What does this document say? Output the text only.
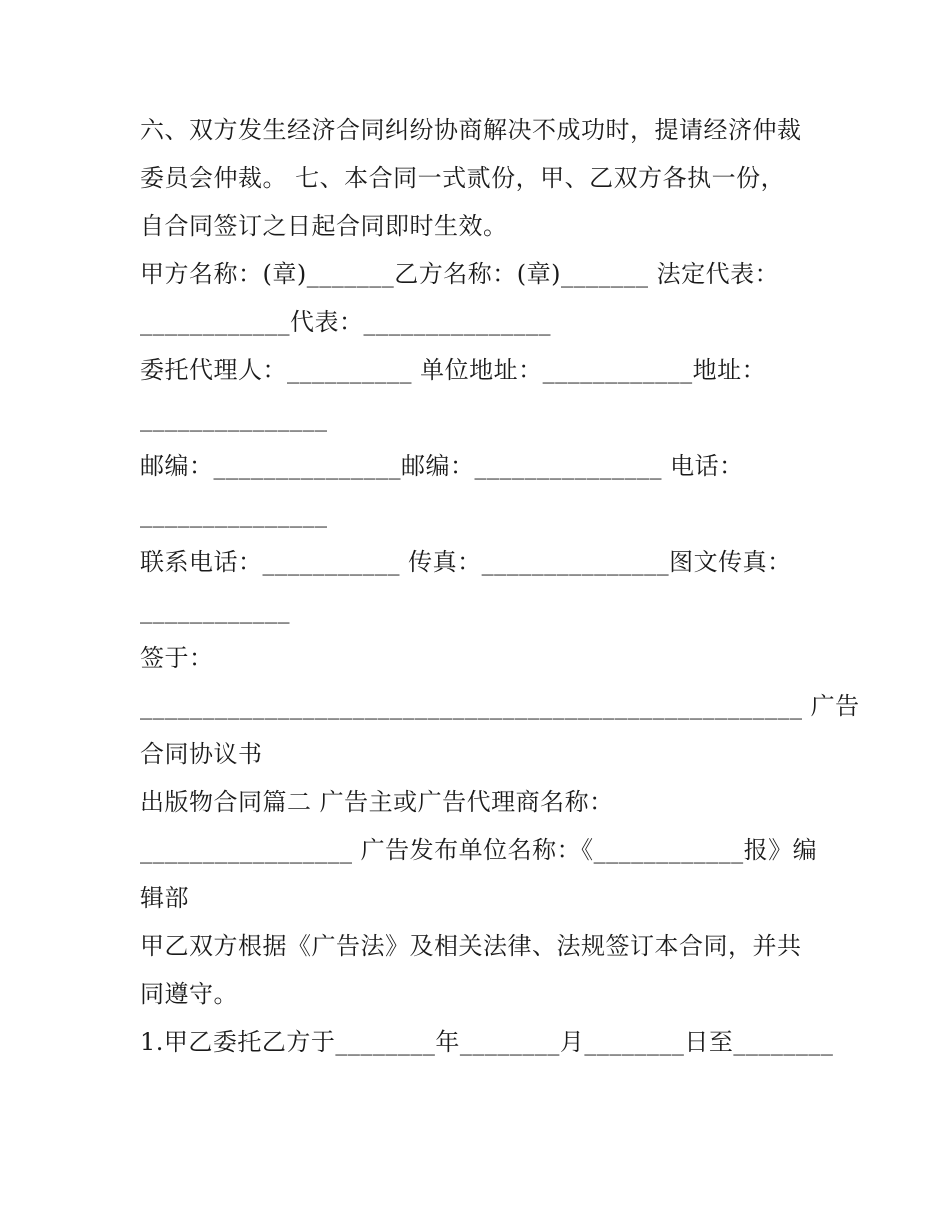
六、双方发生经济合同纠纷协商解决不成功时，提请经济仲裁
委员会仲裁。 七、本合同一式贰份，甲、乙双方各执一份，
自合同签订之日起合同即时生效。
甲方名称：(章)_______乙方名称：(章)_______ 法定代表：
____________代表：_______________
委托代理人：__________ 单位地址：____________地址：
_______________
邮编：_______________邮编：_______________ 电话：
_______________
联系电话：___________ 传真：_______________图文传真：
____________
签于：
_____________________________________________________ 广告
合同协议书
出版物合同篇二 广告主或广告代理商名称：
_________________ 广告发布单位名称：《____________报》编
辑部
甲乙双方根据《广告法》及相关法律、法规签订本合同，并共
同遵守。
1.甲乙委托乙方于________年________月________日至________
